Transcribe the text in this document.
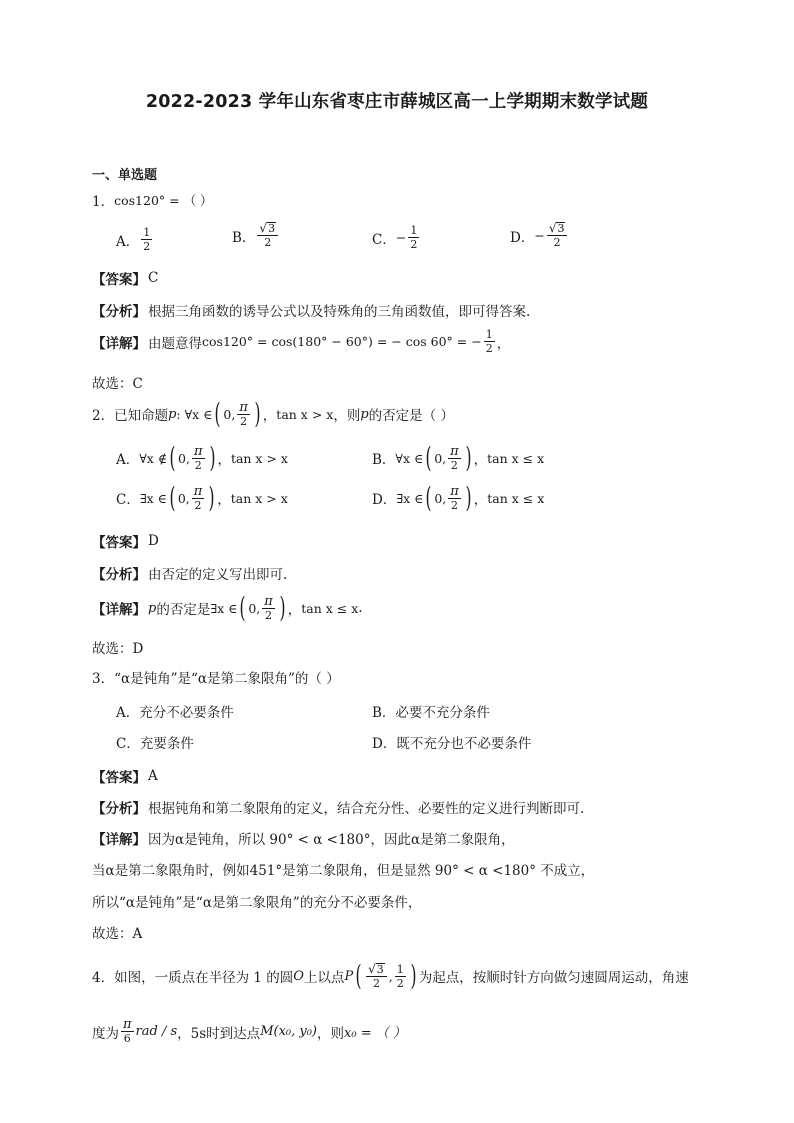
2022-2023 学年山东省枣庄市薛城区高一上学期期末数学试题
一、单选题
1． cos120° = （ ）
A． $\frac{1}{2}$	B． $\frac{√ 3}{2}$	C． − $\frac{1}{2}$	D． − $\frac{√ 3}{2}$
【答案】 C
【分析】 根据三角函数的诱导公式以及特殊角的三角函数值，即可得答案.
【详解】 由题意得 cos120° = cos(180° − 60°) = − cos 60° = − $\frac{1}{2}$ ，
故选：C
2．已知命题 p : ∀x ∈ ( 0, $\frac{\pi}{2}$ ) ， tan x > x ，则 p 的否定是（ ）
A． ∀x ∉ ( 0, $\frac{\pi}{2}$ ) ， tan x > x	B． ∀x ∈ ( 0, $\frac{\pi}{2}$ ) ， tan x ≤ x
C． ∃x ∈ ( 0, $\frac{\pi}{2}$ ) ， tan x > x	D． ∃x ∈ ( 0, $\frac{\pi}{2}$ ) ， tan x ≤ x
【答案】 D
【分析】 由否定的定义写出即可.
【详解】 p 的否定是 ∃x ∈ ( 0, $\frac{\pi}{2}$ ) ， tan x ≤ x .
故选：D
3．“α是钝角”是“α是第二象限角”的（ ）
A．充分不必要条件	B．必要不充分条件
C．充要条件	D．既不充分也不必要条件
【答案】 A
【分析】 根据钝角和第二象限角的定义，结合充分性、必要性的定义进行判断即可.
【详解】 因为α是钝角，所以 90° < α <180°，因此α是第二象限角，
当α是第二象限角时，例如451°是第二象限角，但是显然 90° < α <180° 不成立，
所以“α是钝角”是“α是第二象限角”的充分不必要条件，
故选：A
4．如图，一质点在半径为 1 的圆 O 上以点 P ( $\frac{√ 3}{2}$ , $\frac{1}{2}$ ) 为起点，按顺时针方向做匀速圆周运动，角速
度为 $\frac{\pi}{6}$ rad / s ，5s时到达点 M(x₀, y₀) ，则 x₀ = （ ）
